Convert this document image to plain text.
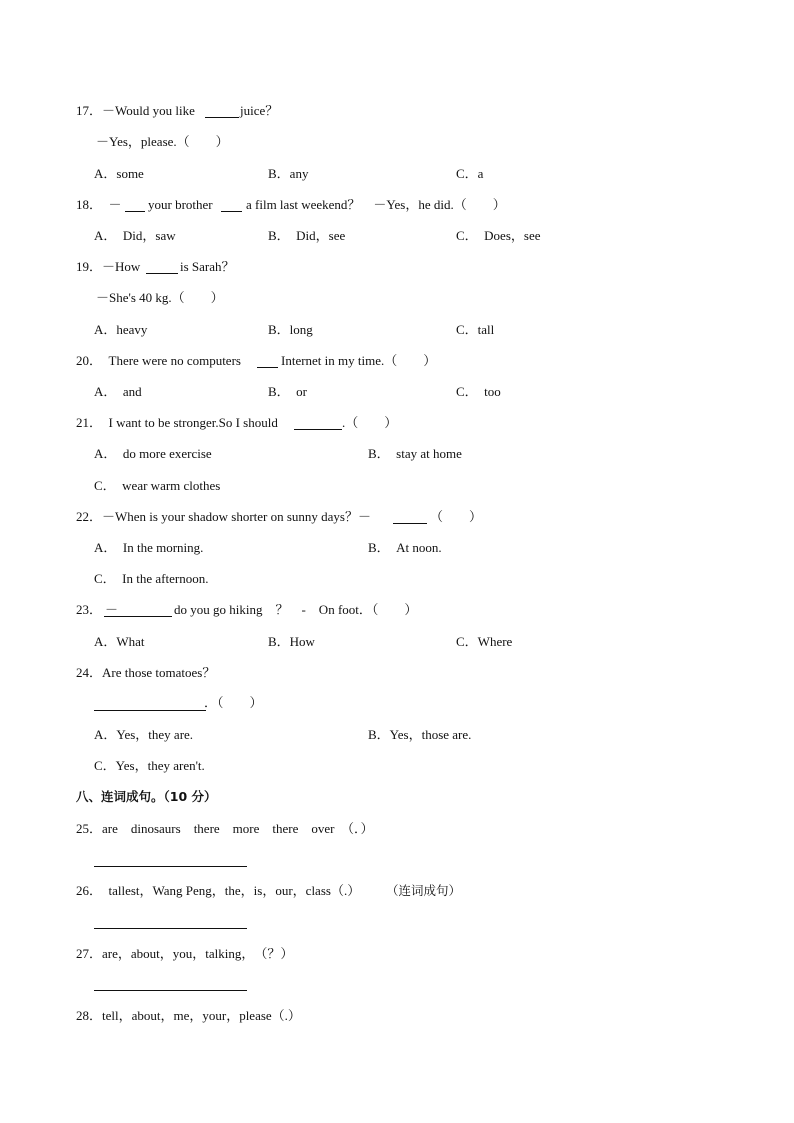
17．－Would you like	juice？
－Yes，please.（　　）
A．some	B．any	C．a
18．　－ your brother	a film last weekend？　－Yes，he did.（　　）
A．　Did，saw	B．　Did，see	C．　Does，see
19．－How	is Sarah？
－She's 40 kg.（　　）
A．heavy	B．long	C．tall
20．　There were no computers	Internet in my time.（　　）
A．　and	B．　or	C．　too
21．　I want to be stronger.So I should	.（　　）
A．　do more exercise	B．　stay at home
C．　wear warm clothes
22．－When is your shadow shorter on sunny days？－	（　　）
A．　In the morning.	B．　At noon.
C．　In the afternoon.
23． －	do you go hiking　？　-　On foot．（　　）
A．What	B．How	C．Where
24．Are those tomatoes？
．（　　）
A．Yes，they are.	B．Yes，those are.
C．Yes，they aren't.
八、连词成句。（10 分）
25．are　dinosaurs　there　more　there　over　（．）
26．　tallest，Wang Peng，the，is，our，class（.） （连词成句）
27．are，about，you，talking，　（？）
28．tell，about，me，your，please（.）
